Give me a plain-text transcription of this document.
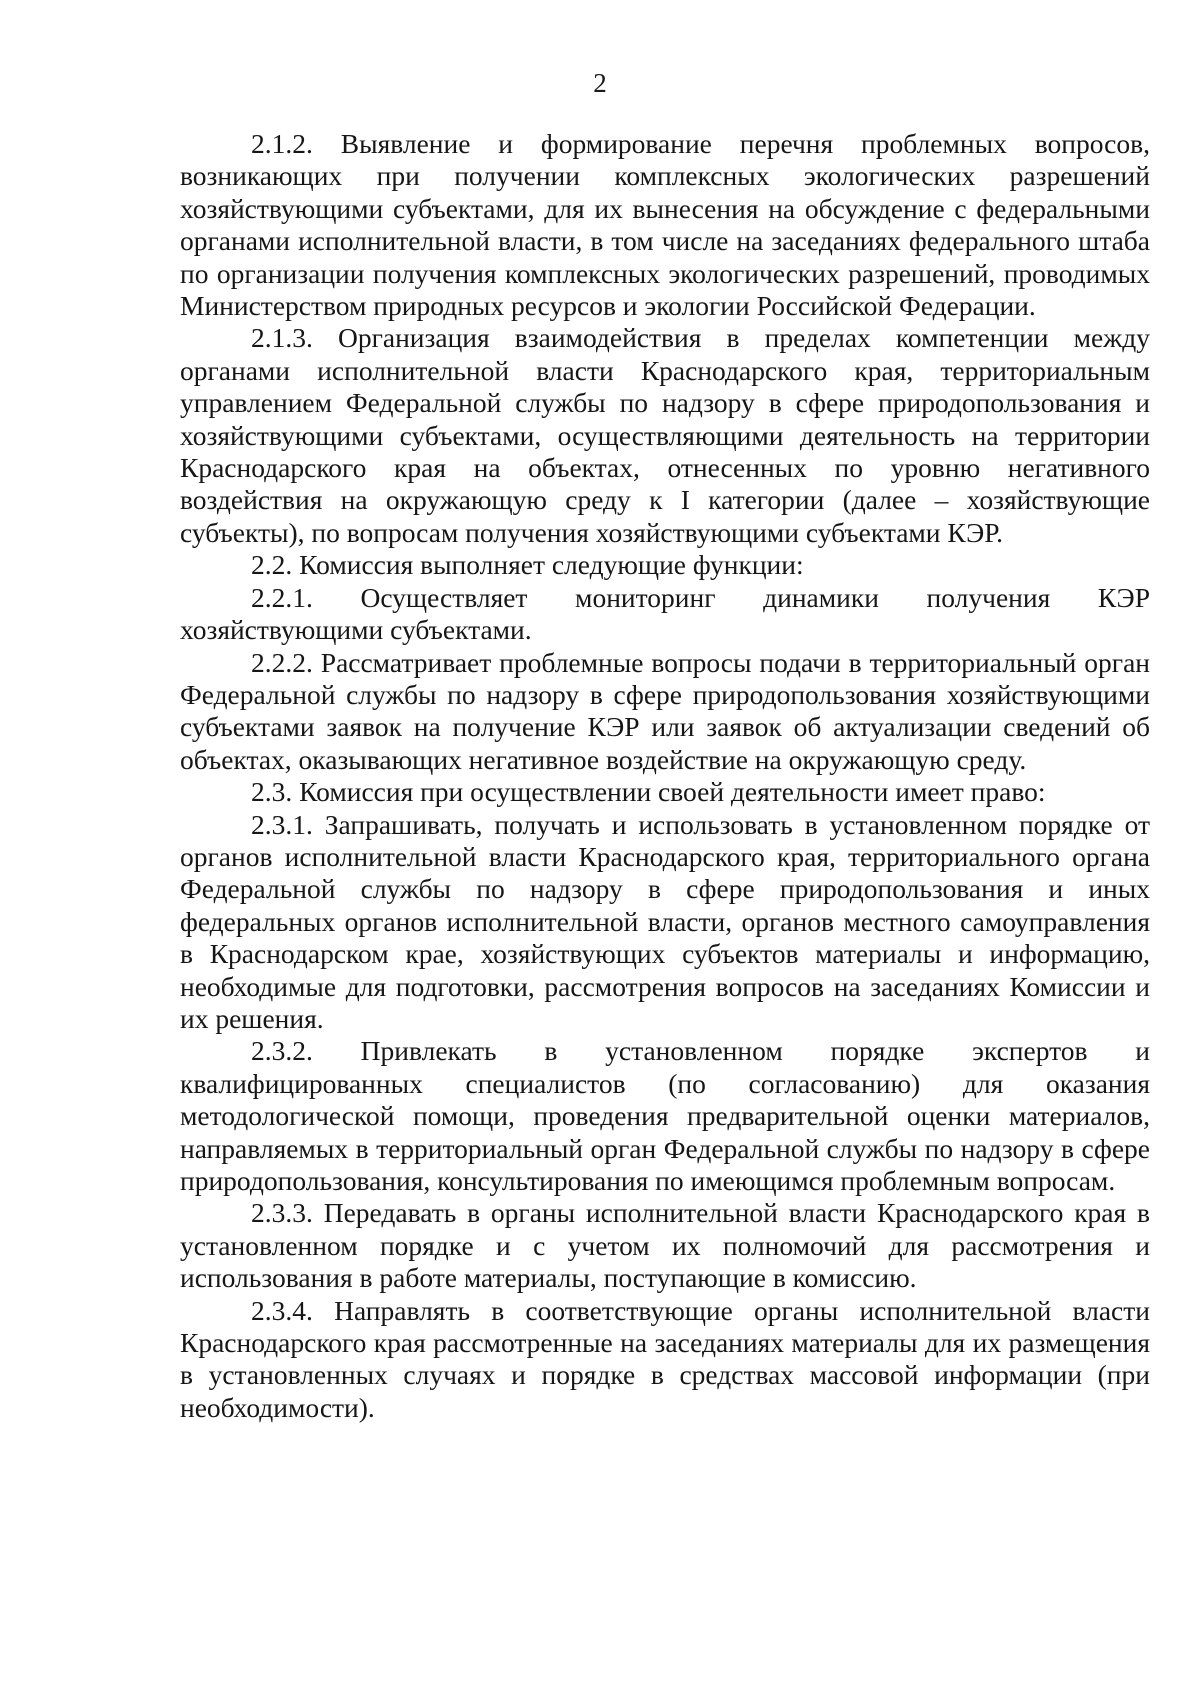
2

2.1.2. Выявление и формирование перечня проблемных вопросов, возникающих при получении комплексных экологических разрешений хозяйствующими субъектами, для их вынесения на обсуждение с федеральными органами исполнительной власти, в том числе на заседаниях федерального штаба по организации получения комплексных экологических разрешений, проводимых Министерством природных ресурсов и экологии Российской Федерации.

2.1.3. Организация взаимодействия в пределах компетенции между органами исполнительной власти Краснодарского края, территориальным управлением Федеральной службы по надзору в сфере природопользования и хозяйствующими субъектами, осуществляющими деятельность на территории Краснодарского края на объектах, отнесенных по уровню негативного воздействия на окружающую среду к I категории (далее – хозяйствующие субъекты), по вопросам получения хозяйствующими субъектами КЭР.

2.2. Комиссия выполняет следующие функции:

2.2.1. Осуществляет мониторинг динамики получения КЭР хозяйствующими субъектами.

2.2.2. Рассматривает проблемные вопросы подачи в территориальный орган Федеральной службы по надзору в сфере природопользования хозяйствующими субъектами заявок на получение КЭР или заявок об актуализации сведений об объектах, оказывающих негативное воздействие на окружающую среду.

2.3. Комиссия при осуществлении своей деятельности имеет право:

2.3.1. Запрашивать, получать и использовать в установленном порядке от органов исполнительной власти Краснодарского края, территориального органа Федеральной службы по надзору в сфере природопользования и иных федеральных органов исполнительной власти, органов местного самоуправления в Краснодарском крае, хозяйствующих субъектов материалы и информацию, необходимые для подготовки, рассмотрения вопросов на заседаниях Комиссии и их решения.

2.3.2. Привлекать в установленном порядке экспертов и квалифицированных специалистов (по согласованию) для оказания методологической помощи, проведения предварительной оценки материалов, направляемых в территориальный орган Федеральной службы по надзору в сфере природопользования, консультирования по имеющимся проблемным вопросам.

2.3.3. Передавать в органы исполнительной власти Краснодарского края в установленном порядке и с учетом их полномочий для рассмотрения и использования в работе материалы, поступающие в комиссию.

2.3.4. Направлять в соответствующие органы исполнительной власти Краснодарского края рассмотренные на заседаниях материалы для их размещения в установленных случаях и порядке в средствах массовой информации (при необходимости).
